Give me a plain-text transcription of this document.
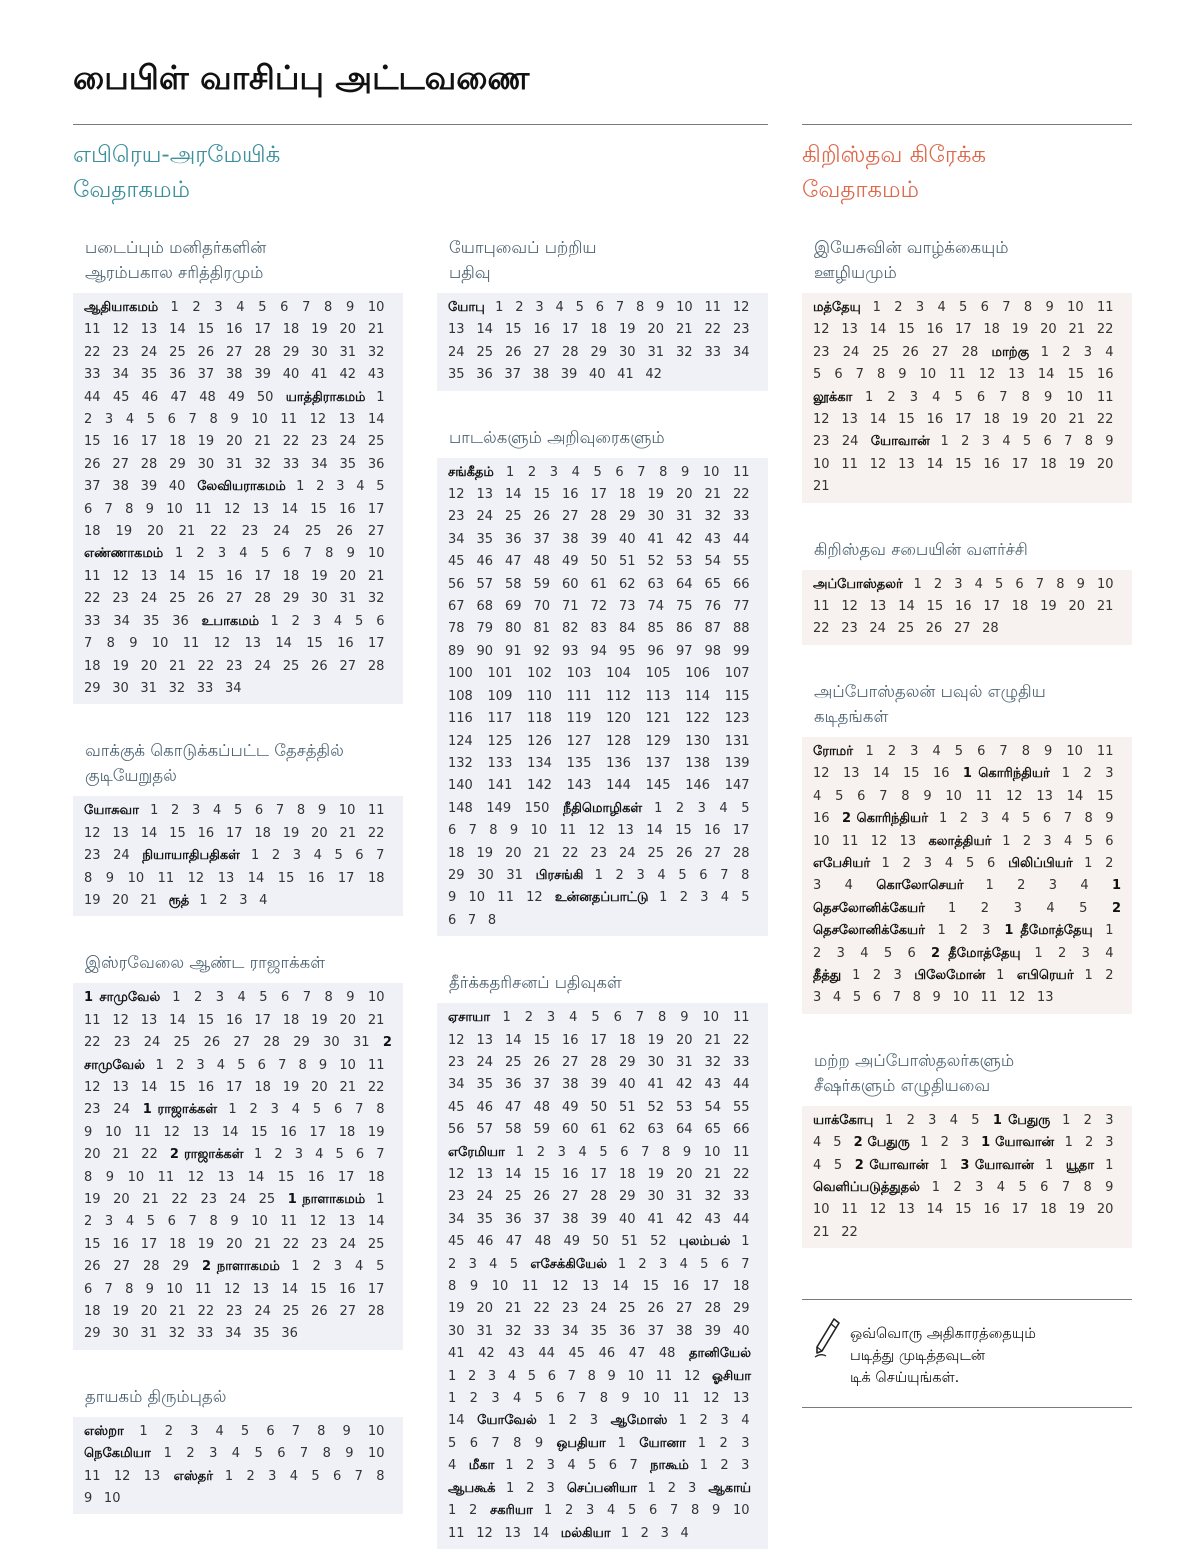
பைபிள் வாசிப்பு அட்டவணை
எபிரெய-அரமேயிக்
வேதாகமம்
கிறிஸ்தவ கிரேக்க
வேதாகமம்
படைப்பும் மனிதர்களின் ஆரம்பகால சரித்திரமும்
ஆதியாகமம் 1 2 3 4 5 6 7 8 9 10 11 12 13 14 15 16 17 18 19 20 21 22 23 24 25 26 27 28 29 30 31 32 33 34 35 36 37 38 39 40 41 42 43 44 45 46 47 48 49 50 யாத்திராகமம் 1 2 3 4 5 6 7 8 9 10 11 12 13 14 15 16 17 18 19 20 21 22 23 24 25 26 27 28 29 30 31 32 33 34 35 36 37 38 39 40 லேவியராகமம் 1 2 3 4 5 6 7 8 9 10 11 12 13 14 15 16 17 18 19 20 21 22 23 24 25 26 27 எண்ணாகமம் 1 2 3 4 5 6 7 8 9 10 11 12 13 14 15 16 17 18 19 20 21 22 23 24 25 26 27 28 29 30 31 32 33 34 35 36 உபாகமம் 1 2 3 4 5 6 7 8 9 10 11 12 13 14 15 16 17 18 19 20 21 22 23 24 25 26 27 28 29 30 31 32 33 34
வாக்குக் கொடுக்கப்பட்ட தேசத்தில் குடியேறுதல்
யோசுவா 1 2 3 4 5 6 7 8 9 10 11 12 13 14 15 16 17 18 19 20 21 22 23 24 நியாயாதிபதிகள் 1 2 3 4 5 6 7 8 9 10 11 12 13 14 15 16 17 18 19 20 21 ரூத் 1 2 3 4
இஸ்ரவேலை ஆண்ட ராஜாக்கள்
1 சாமுவேல் 1 2 3 4 5 6 7 8 9 10 11 12 13 14 15 16 17 18 19 20 21 22 23 24 25 26 27 28 29 30 31 2 சாமுவேல் 1 2 3 4 5 6 7 8 9 10 11 12 13 14 15 16 17 18 19 20 21 22 23 24 1 ராஜாக்கள் 1 2 3 4 5 6 7 8 9 10 11 12 13 14 15 16 17 18 19 20 21 22 2 ராஜாக்கள் 1 2 3 4 5 6 7 8 9 10 11 12 13 14 15 16 17 18 19 20 21 22 23 24 25 1 நாளாகமம் 1 2 3 4 5 6 7 8 9 10 11 12 13 14 15 16 17 18 19 20 21 22 23 24 25 26 27 28 29 2 நாளாகமம் 1 2 3 4 5 6 7 8 9 10 11 12 13 14 15 16 17 18 19 20 21 22 23 24 25 26 27 28 29 30 31 32 33 34 35 36
தாயகம் திரும்புதல்
எஸ்றா 1 2 3 4 5 6 7 8 9 10 நெகேமியா 1 2 3 4 5 6 7 8 9 10 11 12 13 எஸ்தர் 1 2 3 4 5 6 7 8 9 10
யோபுவைப் பற்றிய பதிவு
யோபு 1 2 3 4 5 6 7 8 9 10 11 12 13 14 15 16 17 18 19 20 21 22 23 24 25 26 27 28 29 30 31 32 33 34 35 36 37 38 39 40 41 42
பாடல்களும் அறிவுரைகளும்
சங்கீதம் 1 2 3 4 5 6 7 8 9 10 11 12 13 14 15 16 17 18 19 20 21 22 23 24 25 26 27 28 29 30 31 32 33 34 35 36 37 38 39 40 41 42 43 44 45 46 47 48 49 50 51 52 53 54 55 56 57 58 59 60 61 62 63 64 65 66 67 68 69 70 71 72 73 74 75 76 77 78 79 80 81 82 83 84 85 86 87 88 89 90 91 92 93 94 95 96 97 98 99 100 101 102 103 104 105 106 107 108 109 110 111 112 113 114 115 116 117 118 119 120 121 122 123 124 125 126 127 128 129 130 131 132 133 134 135 136 137 138 139 140 141 142 143 144 145 146 147 148 149 150 நீதிமொழிகள் 1 2 3 4 5 6 7 8 9 10 11 12 13 14 15 16 17 18 19 20 21 22 23 24 25 26 27 28 29 30 31 பிரசங்கி 1 2 3 4 5 6 7 8 9 10 11 12 உன்னதப்பாட்டு 1 2 3 4 5 6 7 8
தீர்க்கதரிசனப் பதிவுகள்
ஏசாயா 1 2 3 4 5 6 7 8 9 10 11 12 13 14 15 16 17 18 19 20 21 22 23 24 25 26 27 28 29 30 31 32 33 34 35 36 37 38 39 40 41 42 43 44 45 46 47 48 49 50 51 52 53 54 55 56 57 58 59 60 61 62 63 64 65 66 எரேமியா 1 2 3 4 5 6 7 8 9 10 11 12 13 14 15 16 17 18 19 20 21 22 23 24 25 26 27 28 29 30 31 32 33 34 35 36 37 38 39 40 41 42 43 44 45 46 47 48 49 50 51 52 புலம்பல் 1 2 3 4 5 எசேக்கியேல் 1 2 3 4 5 6 7 8 9 10 11 12 13 14 15 16 17 18 19 20 21 22 23 24 25 26 27 28 29 30 31 32 33 34 35 36 37 38 39 40 41 42 43 44 45 46 47 48 தானியேல் 1 2 3 4 5 6 7 8 9 10 11 12 ஓசியா 1 2 3 4 5 6 7 8 9 10 11 12 13 14 யோவேல் 1 2 3 ஆமோஸ் 1 2 3 4 5 6 7 8 9 ஒபதியா 1 யோனா 1 2 3 4 மீகா 1 2 3 4 5 6 7 நாகூம் 1 2 3 ஆபகூக் 1 2 3 செப்பனியா 1 2 3 ஆகாய் 1 2 சகரியா 1 2 3 4 5 6 7 8 9 10 11 12 13 14 மல்கியா 1 2 3 4
இயேசுவின் வாழ்க்கையும் ஊழியமும்
மத்தேயு 1 2 3 4 5 6 7 8 9 10 11 12 13 14 15 16 17 18 19 20 21 22 23 24 25 26 27 28 மாற்கு 1 2 3 4 5 6 7 8 9 10 11 12 13 14 15 16 லூக்கா 1 2 3 4 5 6 7 8 9 10 11 12 13 14 15 16 17 18 19 20 21 22 23 24 யோவான் 1 2 3 4 5 6 7 8 9 10 11 12 13 14 15 16 17 18 19 20 21
கிறிஸ்தவ சபையின் வளர்ச்சி
அப்போஸ்தலர் 1 2 3 4 5 6 7 8 9 10 11 12 13 14 15 16 17 18 19 20 21 22 23 24 25 26 27 28
அப்போஸ்தலன் பவுல் எழுதிய கடிதங்கள்
ரோமர் 1 2 3 4 5 6 7 8 9 10 11 12 13 14 15 16 1 கொரிந்தியர் 1 2 3 4 5 6 7 8 9 10 11 12 13 14 15 16 2 கொரிந்தியர் 1 2 3 4 5 6 7 8 9 10 11 12 13 கலாத்தியர் 1 2 3 4 5 6 எபேசியர் 1 2 3 4 5 6 பிலிப்பியர் 1 2 3 4 கொலோசெயர் 1 2 3 4 1 தெசலோனிக்கேயர் 1 2 3 4 5 2 தெசலோனிக்கேயர் 1 2 3 1 தீமோத்தேயு 1 2 3 4 5 6 2 தீமோத்தேயு 1 2 3 4 தீத்து 1 2 3 பிலேமோன் 1 எபிரெயர் 1 2 3 4 5 6 7 8 9 10 11 12 13
மற்ற அப்போஸ்தலர்களும் சீஷர்களும் எழுதியவை
யாக்கோபு 1 2 3 4 5 1 பேதுரு 1 2 3 4 5 2 பேதுரு 1 2 3 1 யோவான் 1 2 3 4 5 2 யோவான் 1 3 யோவான் 1 யூதா 1 வெளிப்படுத்துதல் 1 2 3 4 5 6 7 8 9 10 11 12 13 14 15 16 17 18 19 20 21 22
ஒவ்வொரு அதிகாரத்தையும்
படித்து முடித்தவுடன்
டிக் செய்யுங்கள்.
